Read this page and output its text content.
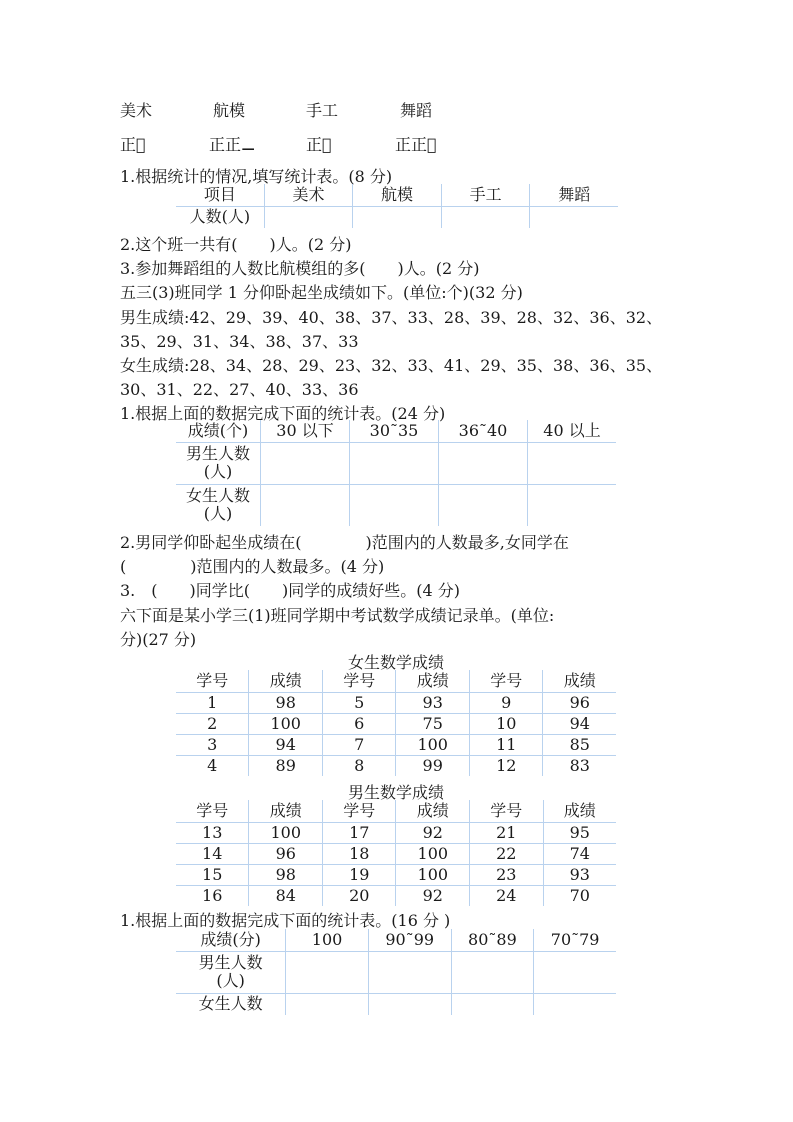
美术	航模	手工	舞蹈
正𠀆	正正⚊	正𠀆	正正𠀆
1.根据统计的情况,填写统计表。(8 分)
项目	美术	航模	手工	舞蹈
人数(人)				
2.这个班一共有(　　)人。(2 分)
3.参加舞蹈组的人数比航模组的多(　　)人。(2 分)
五三(3)班同学 1 分仰卧起坐成绩如下。(单位:个)(32 分)
男生成绩:42、29、39、40、38、37、33、28、39、28、32、36、32、
35、29、31、34、38、37、33
女生成绩:28、34、28、29、23、32、33、41、29、35、38、36、35、
30、31、22、27、40、33、36
1.根据上面的数据完成下面的统计表。(24 分)
成绩(个)	30 以下	30˜35	36˜40	40 以上

男生人数
(人)				

女生人数
(人)				

2.男同学仰卧起坐成绩在(　　　　)范围内的人数最多,女同学在
(　　　　)范围内的人数最多。(4 分)
3.　(　　)同学比(　　)同学的成绩好些。(4 分)
六下面是某小学三(1)班同学期中考试数学成绩记录单。(单位:
分)(27 分)
女生数学成绩
学号	成绩	学号	成绩	学号	成绩
1	98	5	93	9	96
2	100	6	75	10	94
3	94	7	100	11	85
4	89	8	99	12	83
男生数学成绩
学号	成绩	学号	成绩	学号	成绩
13	100	17	92	21	95
14	96	18	100	22	74
15	98	19	100	23	93
16	84	20	92	24	70
1.根据上面的数据完成下面的统计表。(16 分 )
成绩(分)	100	90˜99	80˜89	70˜79

男生人数
(人)				

女生人数				
